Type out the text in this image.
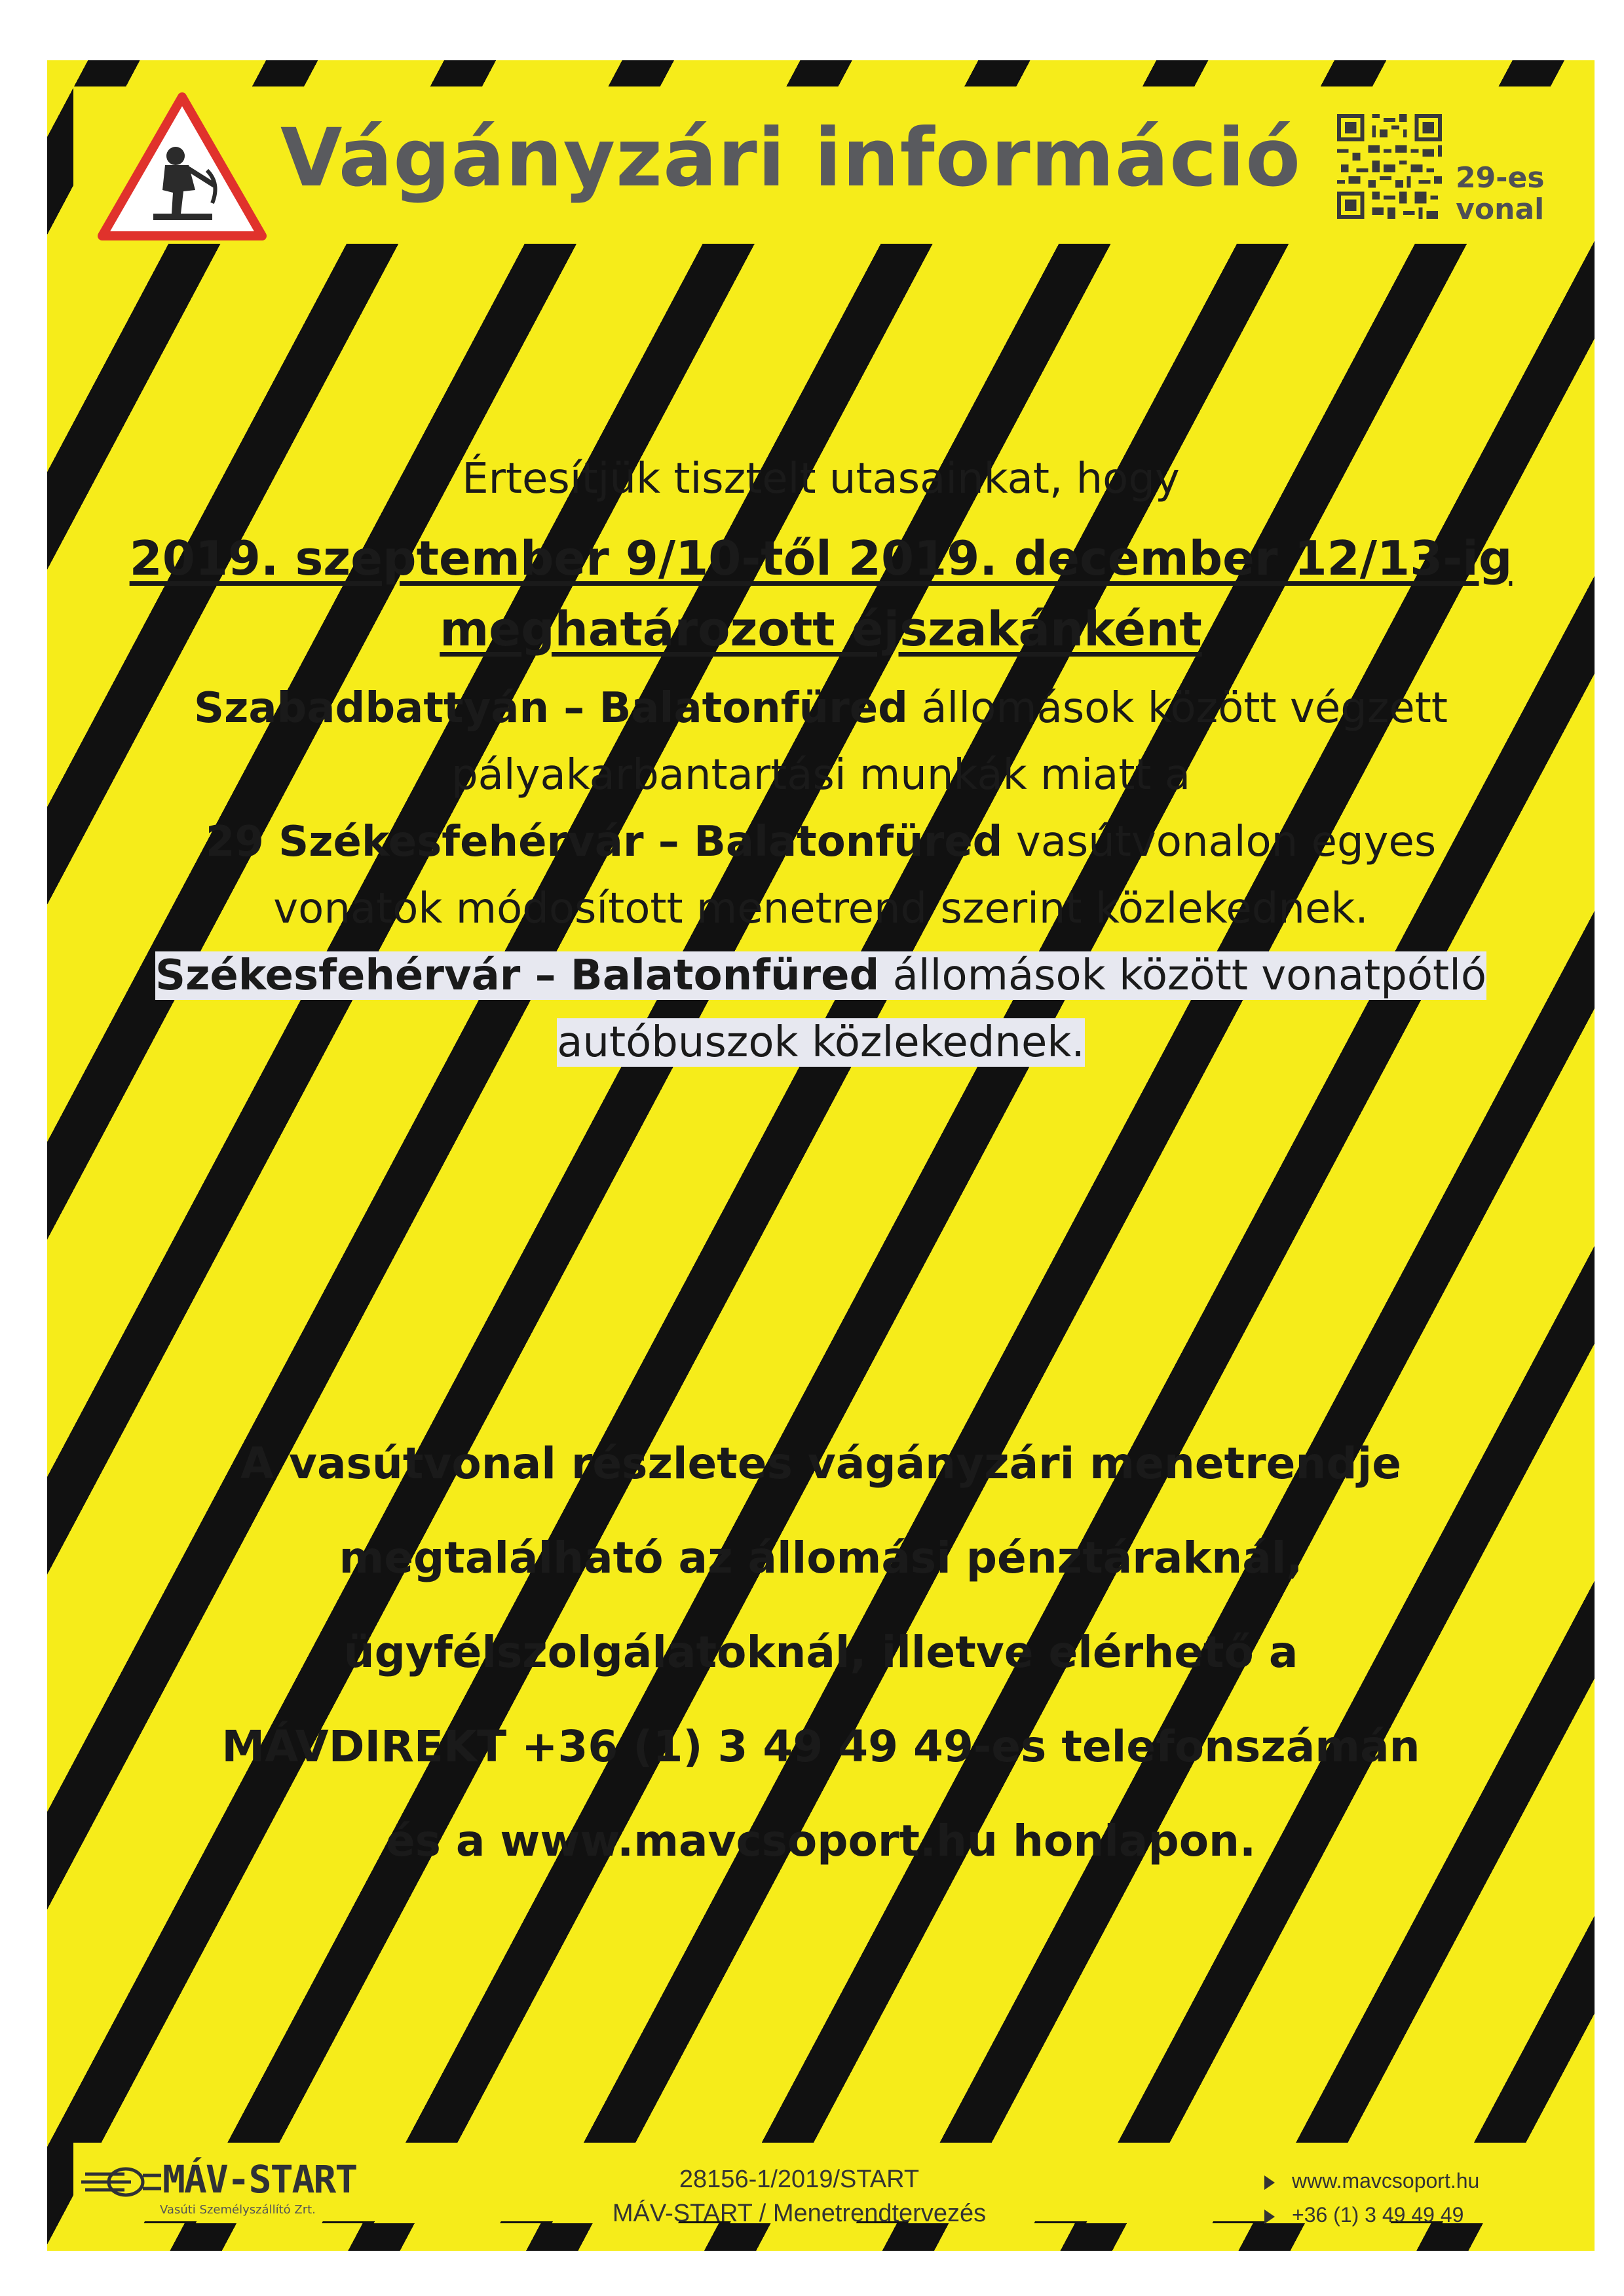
Vágányzári információ	29-es
vonal
Értesítjük tisztelt utasainkat, hogy
2019. szeptember 9/10-től 2019. december 12/13-ig
meghatározott éjszakánként
Szabadbattyán – Balatonfüred állomások között végzett
pályakarbantartási munkák miatt a
29 Székesfehérvár – Balatonfüred vasútvonalon egyes
vonatok módosított menetrend szerint közlekednek.
Székesfehérvár – Balatonfüred állomások között vonatpótló
autóbuszok közlekednek.
A vasútvonal részletes vágányzári menetrendje
megtalálható az állomási pénztáraknál,
ügyfélszolgálatoknál, illetve elérhető a
MÁVDIREKT +36 (1) 3 49 49 49-es telefonszámán
és a www.mavcsoport.hu honlapon.
MÁV-START
Vasúti Személyszállító Zrt.
28156-1/2019/START
MÁV-START / Menetrendtervezés
www.mavcsoport.hu
+36 (1) 3 49 49 49
